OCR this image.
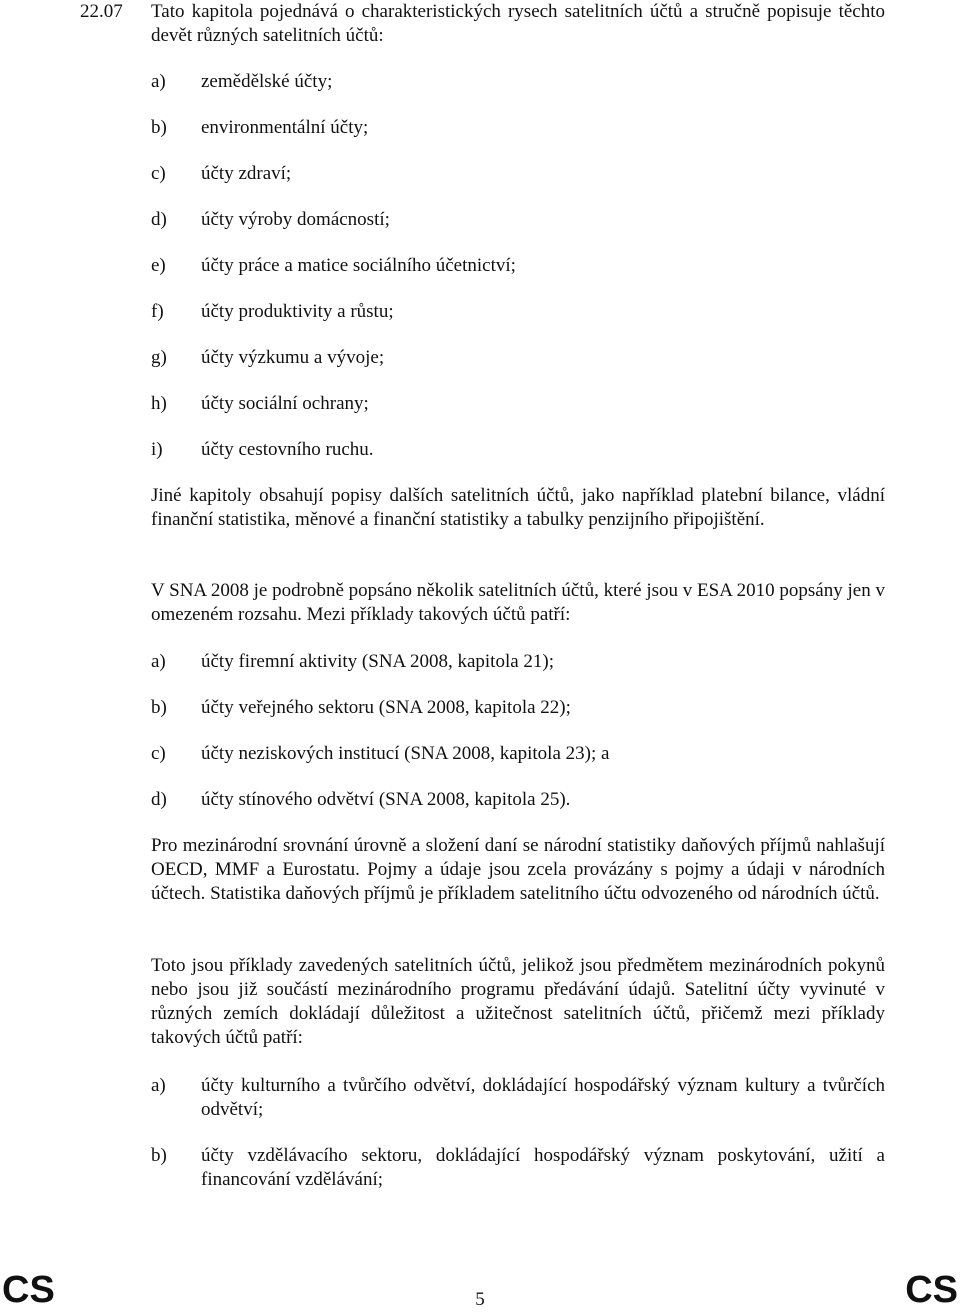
22.07 Tato kapitola pojednává o charakteristických rysech satelitních účtů a stručně popisuje těchto devět různých satelitních účtů:
a) zemědělské účty;
b) environmentální účty;
c) účty zdraví;
d) účty výroby domácností;
e) účty práce a matice sociálního účetnictví;
f) účty produktivity a růstu;
g) účty výzkumu a vývoje;
h) účty sociální ochrany;
i) účty cestovního ruchu.
Jiné kapitoly obsahují popisy dalších satelitních účtů, jako například platební bilance, vládní finanční statistika, měnové a finanční statistiky a tabulky penzijního připojištění.
V SNA 2008 je podrobně popsáno několik satelitních účtů, které jsou v ESA 2010 popsány jen v omezeném rozsahu. Mezi příklady takových účtů patří:
a) účty firemní aktivity (SNA 2008, kapitola 21);
b) účty veřejného sektoru (SNA 2008, kapitola 22);
c) účty neziskových institucí (SNA 2008, kapitola 23); a
d) účty stínového odvětví (SNA 2008, kapitola 25).
Pro mezinárodní srovnání úrovně a složení daní se národní statistiky daňových příjmů nahlašují OECD, MMF a Eurostatu. Pojmy a údaje jsou zcela provázány s pojmy a údaji v národních účtech. Statistika daňových příjmů je příkladem satelitního účtu odvozeného od národních účtů.
Toto jsou příklady zavedených satelitních účtů, jelikož jsou předmětem mezinárodních pokynů nebo jsou již součástí mezinárodního programu předávání údajů. Satelitní účty vyvinuté v různých zemích dokládají důležitost a užitečnost satelitních účtů, přičemž mezi příklady takových účtů patří:
a) účty kulturního a tvůrčího odvětví, dokládající hospodářský význam kultury a tvůrčích odvětví;
b) účty vzdělávacího sektoru, dokládající hospodářský význam poskytování, užití a financování vzdělávání;
CS	5	CS
